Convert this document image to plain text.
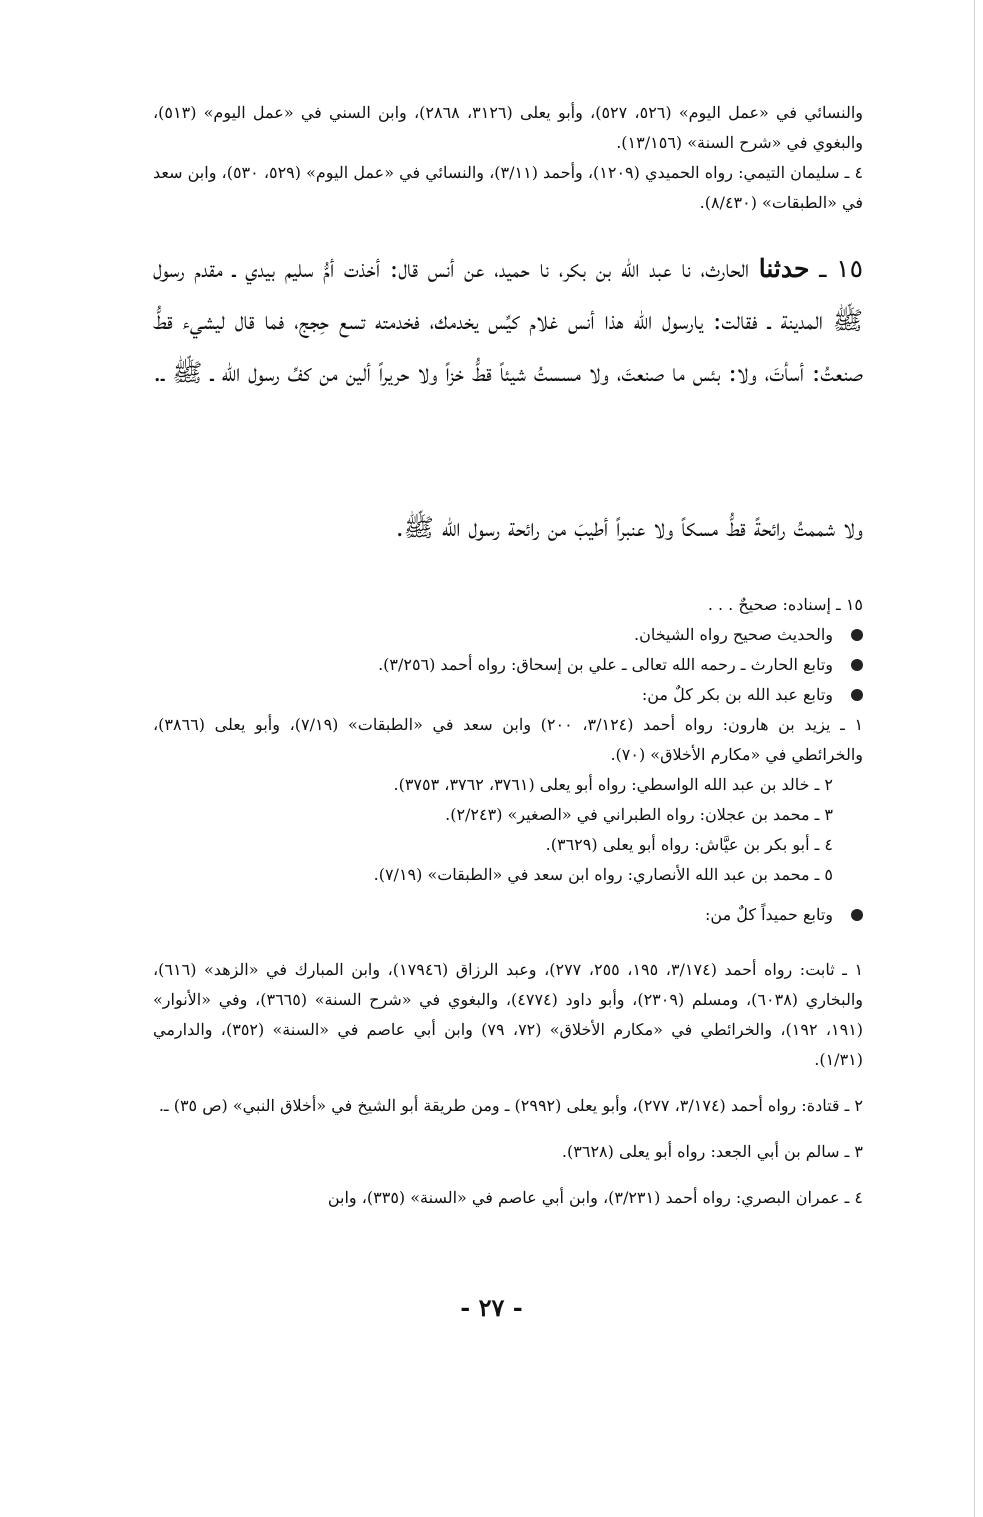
والنسائي في «عمل اليوم» (٥٢٦، ٥٢٧)، وأبو يعلى (٣١٢٦، ٢٨٦٨)، وابن السني في «عمل اليوم» (٥١٣)، والبغوي في «شرح السنة» (١٣/١٥٦).

٤ ـ سليمان التيمي: رواه الحميدي (١٢٠٩)، وأحمد (٣/١١)، والنسائي في «عمل اليوم» (٥٢٩، ٥٣٠)، وابن سعد في «الطبقات» (٨/٤٣٠).

١٥ ـ حدثنا الحارث، نا عبد الله بن بكر، نا حميد، عن أنس قال: أخذت أمُّ سليم بيدي ـ مقدم رسول ﷺ المدينة ـ فقالت: يارسول الله هذا أنس غلام كيِّس يخدمك، فخدمته تسع حِجج، فما قال ليشيء قطُّ صنعتُ: أسأتَ، ولا: بئس ما صنعتَ، ولا مسستُ شيئاً قطُّ خزاً ولا حريراً ألين من كفِّ رسول الله ـ ﷺ ـ.

ولا شممتُ رائحةً قطُّ مسكاً ولا عنبراً أطيبَ من رائحة رسول الله ﷺ.

١٥ ـ إسناده: صحيحٌ . . .

والحديث صحيح رواه الشيخان.
وتابع الحارث ـ رحمه الله تعالى ـ علي بن إسحاق: رواه أحمد (٣/٢٥٦).
وتابع عبد الله بن بكر كلٌ من:

١ ـ يزيد بن هارون: رواه أحمد (٣/١٢٤، ٢٠٠) وابن سعد في «الطبقات» (٧/١٩)، وأبو يعلى (٣٨٦٦)، والخرائطي في «مكارم الأخلاق» (٧٠).

٢ ـ خالد بن عبد الله الواسطي: رواه أبو يعلى (٣٧٦١، ٣٧٦٢، ٣٧٥٣).

٣ ـ محمد بن عجلان: رواه الطبراني في «الصغير» (٢/٢٤٣).

٤ ـ أبو بكر بن عيَّاش: رواه أبو يعلى (٣٦٢٩).

٥ ـ محمد بن عبد الله الأنصاري: رواه ابن سعد في «الطبقات» (٧/١٩).

وتابع حميداً كلٌ من:

١ ـ ثابت: رواه أحمد (٣/١٧٤، ١٩٥، ٢٥٥، ٢٧٧)، وعبد الرزاق (١٧٩٤٦)، وابن المبارك في «الزهد» (٦١٦)، والبخاري (٦٠٣٨)، ومسلم (٢٣٠٩)، وأبو داود (٤٧٧٤)، والبغوي في «شرح السنة» (٣٦٦٥)، وفي «الأنوار» (١٩١، ١٩٢)، والخرائطي في «مكارم الأخلاق» (٧٢، ٧٩) وابن أبي عاصم في «السنة» (٣٥٢)، والدارمي (١/٣١).

٢ ـ قتادة: رواه أحمد (٣/١٧٤، ٢٧٧)، وأبو يعلى (٢٩٩٢) ـ ومن طريقة أبو الشيخ في «أخلاق النبي» (ص ٣٥) ـ.

٣ ـ سالم بن أبي الجعد: رواه أبو يعلى (٣٦٢٨).

٤ ـ عمران البصري: رواه أحمد (٣/٢٣١)، وابن أبي عاصم في «السنة» (٣٣٥)، وابن

- ٢٧ -
